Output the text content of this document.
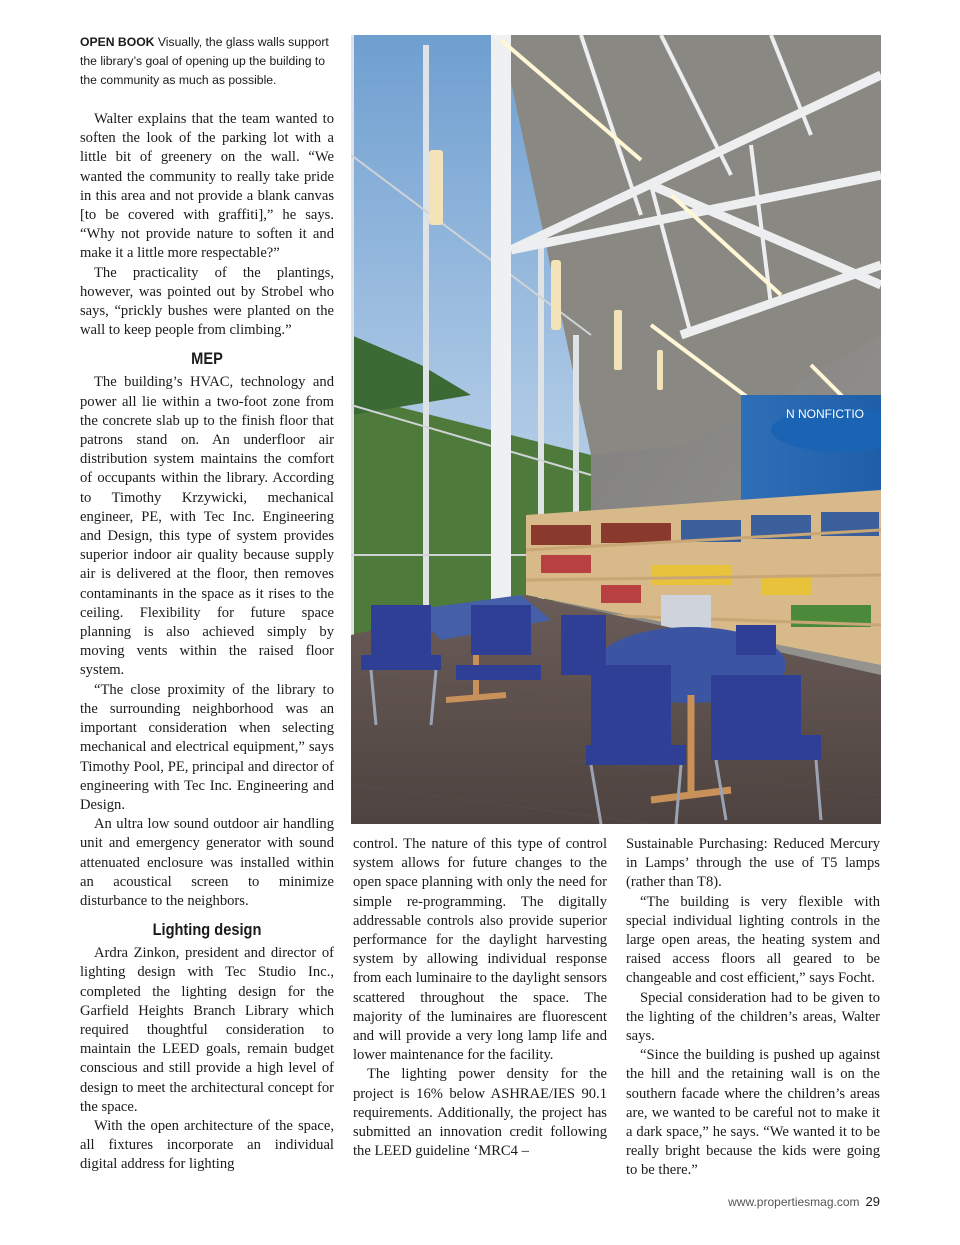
OPEN BOOK Visually, the glass walls support the library’s goal of opening up the building to the community as much as possible.

Walter explains that the team wanted to soften the look of the parking lot with a little bit of greenery on the wall. “We wanted the community to really take pride in this area and not provide a blank canvas [to be covered with graffiti],” he says. “Why not provide nature to soften it and make it a little more respectable?”

The practicality of the plantings, however, was pointed out by Strobel who says, “prickly bushes were planted on the wall to keep people from climbing.”

MEP

The building’s HVAC, technology and power all lie within a two-foot zone from the concrete slab up to the finish floor that patrons stand on. An underfloor air distribution system maintains the comfort of occupants within the library. According to Timothy Krzywicki, mechanical engineer, PE, with Tec Inc. Engineering and Design, this type of system provides superior indoor air quality because supply air is delivered at the floor, then removes contaminants in the space as it rises to the ceiling. Flexibility for future space planning is also achieved simply by moving vents within the raised floor system.

“The close proximity of the library to the surrounding neighborhood was an important consideration when selecting mechanical and electrical equipment,” says Timothy Pool, PE, principal and director of engineering with Tec Inc. Engineering and Design.

An ultra low sound outdoor air handling unit and emergency generator with sound attenuated enclosure was installed within an acoustical screen to minimize disturbance to the neighbors.

Lighting design

Ardra Zinkon, president and director of lighting design with Tec Studio Inc., completed the lighting design for the Garfield Heights Branch Library which required thoughtful consideration to maintain the LEED goals, remain budget conscious and still provide a high level of design to meet the architectural concept for the space.

With the open architecture of the space, all fixtures incorporate an individual digital address for lighting

N NONFICTIO

control. The nature of this type of control system allows for future changes to the open space planning with only the need for simple re-programming. The digitally addressable controls also provide superior performance for the daylight harvesting system by allowing individual response from each luminaire to the daylight sensors scattered throughout the space. The majority of the luminaires are fluorescent and will provide a very long lamp life and lower maintenance for the facility.

The lighting power density for the project is 16% below ASHRAE/IES 90.1 requirements. Additionally, the project has submitted an innovation credit following the LEED guideline ‘MRC4 –

Sustainable Purchasing: Reduced Mercury in Lamps’ through the use of T5 lamps (rather than T8).

“The building is very flexible with special individual lighting controls in the large open areas, the heating system and raised access floors all geared to be changeable and cost efficient,” says Focht.

Special consideration had to be given to the lighting of the children’s areas, Walter says.

“Since the building is pushed up against the hill and the retaining wall is on the southern facade where the children’s areas are, we wanted to be careful not to make it a dark space,” he says. “We wanted it to be really bright because the kids were going to be there.”

www.propertiesmag.com 29
